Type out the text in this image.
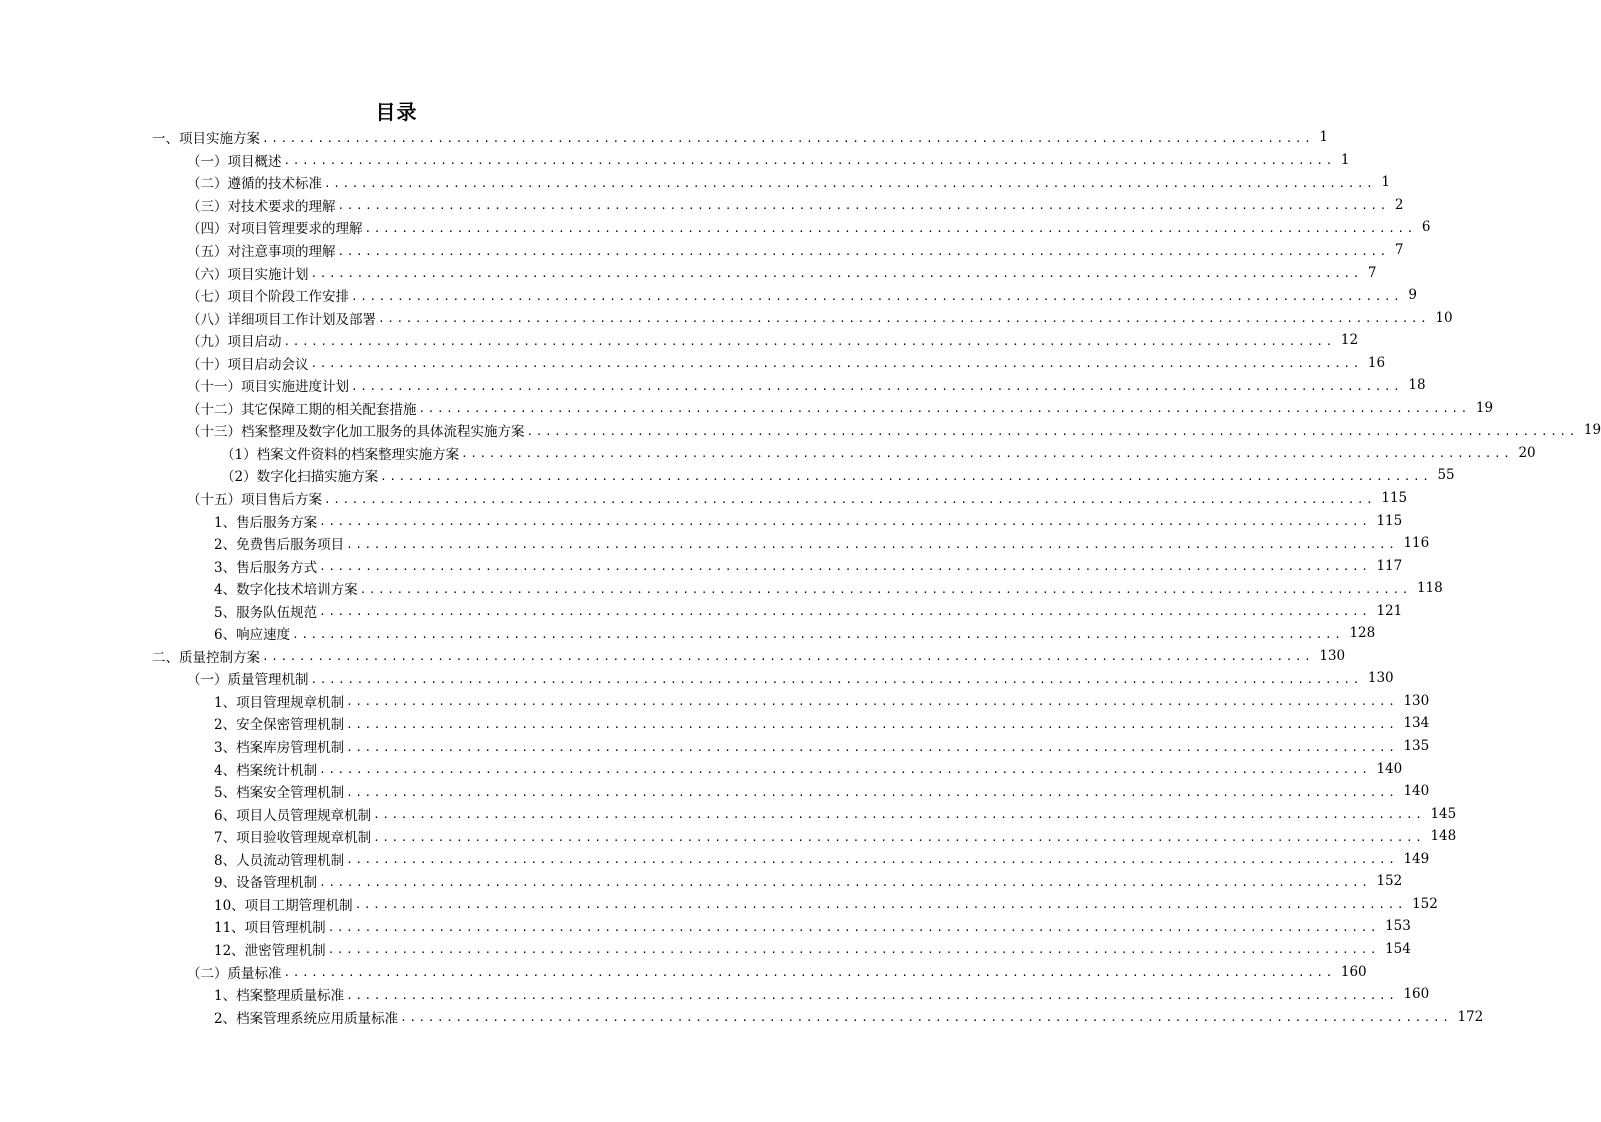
目录
一、项目实施方案 .................................................................................................................. 1
（一）项目概述 .................................................................................................................. 1
（二）遵循的技术标准 .................................................................................................................. 1
（三）对技术要求的理解 .................................................................................................................. 2
（四）对项目管理要求的理解 .................................................................................................................. 6
（五）对注意事项的理解 .................................................................................................................. 7
（六）项目实施计划 .................................................................................................................. 7
（七）项目个阶段工作安排 .................................................................................................................. 9
（八）详细项目工作计划及部署 .................................................................................................................. 10
（九）项目启动 .................................................................................................................. 12
（十）项目启动会议 .................................................................................................................. 16
（十一）项目实施进度计划 .................................................................................................................. 18
（十二）其它保障工期的相关配套措施 .................................................................................................................. 19
（十三）档案整理及数字化加工服务的具体流程实施方案 .................................................................................................................. 19
（1）档案文件资料的档案整理实施方案 .................................................................................................................. 20
（2）数字化扫描实施方案 .................................................................................................................. 55
（十五）项目售后方案 .................................................................................................................. 115
1、售后服务方案 .................................................................................................................. 115
2、免费售后服务项目 .................................................................................................................. 116
3、售后服务方式 .................................................................................................................. 117
4、数字化技术培训方案 .................................................................................................................. 118
5、服务队伍规范 .................................................................................................................. 121
6、响应速度 .................................................................................................................. 128
二、质量控制方案 .................................................................................................................. 130
（一）质量管理机制 .................................................................................................................. 130
1、项目管理规章机制 .................................................................................................................. 130
2、安全保密管理机制 .................................................................................................................. 134
3、档案库房管理机制 .................................................................................................................. 135
4、档案统计机制 .................................................................................................................. 140
5、档案安全管理机制 .................................................................................................................. 140
6、项目人员管理规章机制 .................................................................................................................. 145
7、项目验收管理规章机制 .................................................................................................................. 148
8、人员流动管理机制 .................................................................................................................. 149
9、设备管理机制 .................................................................................................................. 152
10、项目工期管理机制 .................................................................................................................. 152
11、项目管理机制 .................................................................................................................. 153
12、泄密管理机制 .................................................................................................................. 154
（二）质量标准 .................................................................................................................. 160
1、档案整理质量标准 .................................................................................................................. 160
2、档案管理系统应用质量标准 .................................................................................................................. 172
